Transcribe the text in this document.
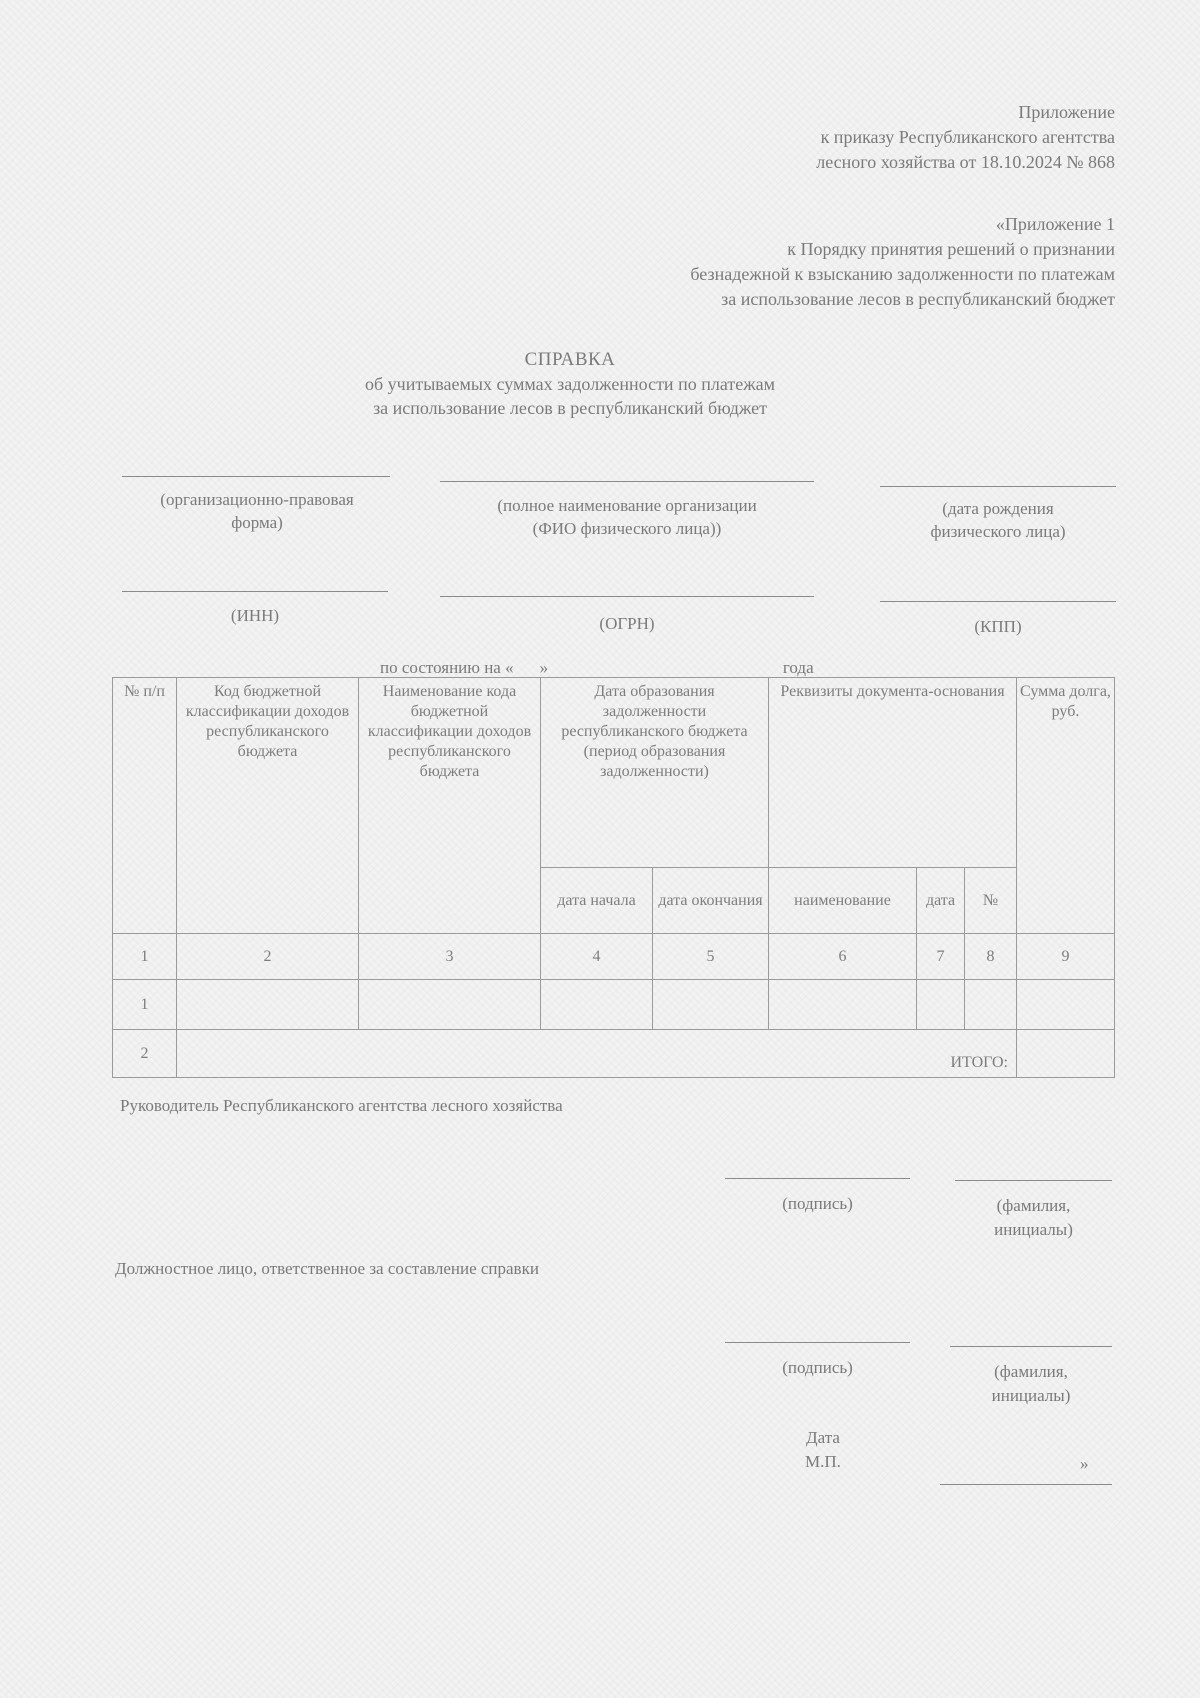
Приложение
к приказу Республиканского агентства
лесного хозяйства от 18.10.2024 № 868
«Приложение 1
к Порядку принятия решений о признании
безнадежной к взысканию задолженности по платежам
за использование лесов в республиканский бюджет
СПРАВКА
об учитываемых суммах задолженности по платежам
за использование лесов в республиканский бюджет
(организационно-правовая
форма)
(полное наименование организации
(ФИО физического лица))
(дата рождения
физического лица)
(ИНН)	(ОГРН)	(КПП)
по состоянию на « »	года
№ п/п	Код бюджетной классификации доходов республиканского бюджета	Наименование кода бюджетной классификации доходов республиканского бюджета	Дата образования задолженности республиканского бюджета (период образования задолженности)		Реквизиты документа-основания			Сумма долга, руб.
			дата начала	дата окончания	наименование	дата	№	
1	2	3	4	5	6	7	8	9
1								
2	ИТОГО:							
Руководитель Республиканского агентства лесного хозяйства
(подпись)	(фамилия,
инициалы)
Должностное лицо, ответственное за составление справки
(подпись)	(фамилия,
инициалы)
Дата
М.П.	»
